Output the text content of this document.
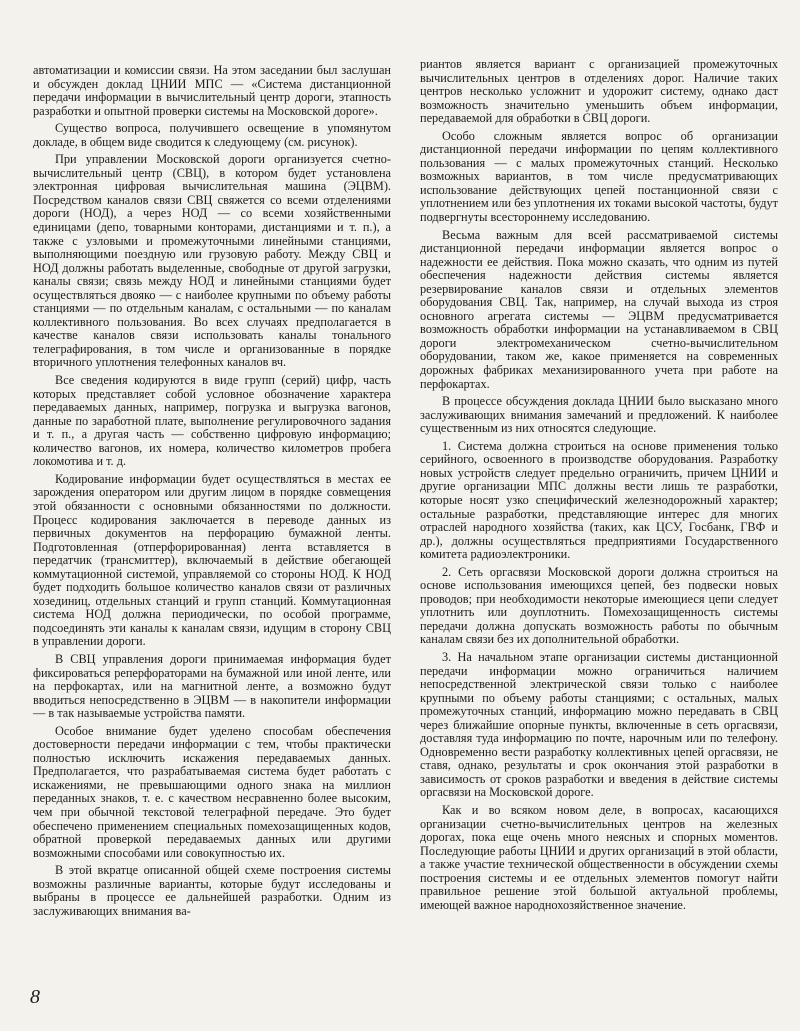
автоматизации и комиссии связи. На этом заседании был заслушан и обсужден доклад ЦНИИ МПС — «Система дистанционной передачи информации в вычислительный центр дороги, этапность разработки и опытной проверки системы на Московской дороге».

Существо вопроса, получившего освещение в упомянутом докладе, в общем виде сводится к следующему (см. рисунок).

При управлении Московской дороги организуется счетно-вычислительный центр (СВЦ), в котором будет установлена электронная цифровая вычислительная машина (ЭЦВМ). Посредством каналов связи СВЦ свяжется со всеми отделениями дороги (НОД), а через НОД — со всеми хозяйственными единицами (депо, товарными конторами, дистанциями и т. п.), а также с узловыми и промежуточными линейными станциями, выполняющими поездную или грузовую работу. Между СВЦ и НОД должны работать выделенные, свободные от другой загрузки, каналы связи; связь между НОД и линейными станциями будет осуществляться двояко — с наиболее крупными по объему работы станциями — по отдельным каналам, с остальными — по каналам коллективного пользования. Во всех случаях предполагается в качестве каналов связи использовать каналы тонального телеграфирования, в том числе и организованные в порядке вторичного уплотнения телефонных каналов вч.

Все сведения кодируются в виде групп (серий) цифр, часть которых представляет собой условное обозначение характера передаваемых данных, например, погрузка и выгрузка вагонов, данные по заработной плате, выполнение регулировочного задания и т. п., а другая часть — собственно цифровую информацию; количество вагонов, их номера, количество километров пробега локомотива и т. д.

Кодирование информации будет осуществляться в местах ее зарождения оператором или другим лицом в порядке совмещения этой обязанности с основными обязанностями по должности. Процесс кодирования заключается в переводе данных из первичных документов на перфорацию бумажной ленты. Подготовленная (отперфорированная) лента вставляется в передатчик (трансмиттер), включаемый в действие обегающей коммутационной системой, управляемой со стороны НОД. К НОД будет подходить большое количество каналов связи от различных хозединиц, отдельных станций и групп станций. Коммутационная система НОД должна периодически, по особой программе, подсоединять эти каналы к каналам связи, идущим в сторону СВЦ в управлении дороги.

В СВЦ управления дороги принимаемая информация будет фиксироваться реперфораторами на бумажной или иной ленте, или на перфокартах, или на магнитной ленте, а возможно будут вводиться непосредственно в ЭЦВМ — в накопители информации — в так называемые устройства памяти.

Особое внимание будет уделено способам обеспечения достоверности передачи информации с тем, чтобы практически полностью исключить искажения передаваемых данных. Предполагается, что разрабатываемая система будет работать с искажениями, не превышающими одного знака на миллион переданных знаков, т. е. с качеством несравненно более высоким, чем при обычной текстовой телеграфной передаче. Это будет обеспечено применением специальных помехозащищенных кодов, обратной проверкой передаваемых данных или другими возможными способами или совокупностью их.

В этой вкратце описанной общей схеме построения системы возможны различные варианты, которые будут исследованы и выбраны в процессе ее дальнейшей разработки. Одним из заслуживающих внимания ва-

риантов является вариант с организацией промежуточных вычислительных центров в отделениях дорог. Наличие таких центров несколько усложнит и удорожит систему, однако даст возможность значительно уменьшить объем информации, передаваемой для обработки в СВЦ дороги.

Особо сложным является вопрос об организации дистанционной передачи информации по цепям коллективного пользования — с малых промежуточных станций. Несколько возможных вариантов, в том числе предусматривающих использование действующих цепей постанционной связи с уплотнением или без уплотнения их токами высокой частоты, будут подвергнуты всестороннему исследованию.

Весьма важным для всей рассматриваемой системы дистанционной передачи информации является вопрос о надежности ее действия. Пока можно сказать, что одним из путей обеспечения надежности действия системы является резервирование каналов связи и отдельных элементов оборудования СВЦ. Так, например, на случай выхода из строя основного агрегата системы — ЭЦВМ предусматривается возможность обработки информации на устанавливаемом в СВЦ дороги электромеханическом счетно-вычислительном оборудовании, таком же, какое применяется на современных дорожных фабриках механизированного учета при работе на перфокартах.

В процессе обсуждения доклада ЦНИИ было высказано много заслуживающих внимания замечаний и предложений. К наиболее существенным из них относятся следующие.

1. Система должна строиться на основе применения только серийного, освоенного в производстве оборудования. Разработку новых устройств следует предельно ограничить, причем ЦНИИ и другие организации МПС должны вести лишь те разработки, которые носят узко специфический железнодорожный характер; остальные разработки, представляющие интерес для многих отраслей народного хозяйства (таких, как ЦСУ, Госбанк, ГВФ и др.), должны осуществляться предприятиями Государственного комитета радиоэлектроники.

2. Сеть оргасвязи Московской дороги должна строиться на основе использования имеющихся цепей, без подвески новых проводов; при необходимости некоторые имеющиеся цепи следует уплотнить или доуплотнить. Помехозащищенность системы передачи должна допускать возможность работы по обычным каналам связи без их дополнительной обработки.

3. На начальном этапе организации системы дистанционной передачи информации можно ограничиться наличием непосредственной электрической связи только с наиболее крупными по объему работы станциями; с остальных, малых промежуточных станций, информацию можно передавать в СВЦ через ближайшие опорные пункты, включенные в сеть оргасвязи, доставляя туда информацию по почте, нарочным или по телефону. Одновременно вести разработку коллективных цепей оргасвязи, не ставя, однако, результаты и срок окончания этой разработки в зависимость от сроков разработки и введения в действие системы оргасвязи на Московской дороге.

Как и во всяком новом деле, в вопросах, касающихся организации счетно-вычислительных центров на железных дорогах, пока еще очень много неясных и спорных моментов. Последующие работы ЦНИИ и других организаций в этой области, а также участие технической общественности в обсуждении схемы построения системы и ее отдельных элементов помогут найти правильное решение этой большой актуальной проблемы, имеющей важное народнохозяйственное значение.

8
